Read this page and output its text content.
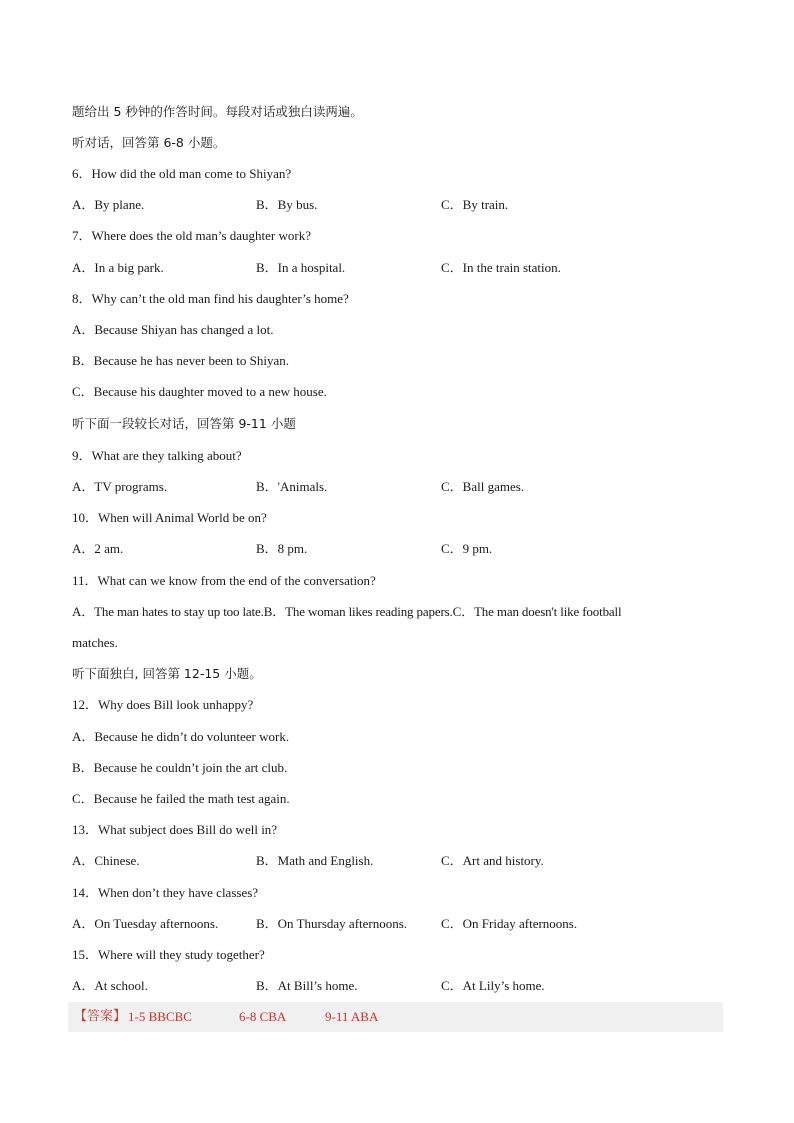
题给出 5 秒钟的作答时间。每段对话或独白读两遍。
听对话，回答第 6-8 小题。
6．How did the old man come to Shiyan?
A．By plane.	B．By bus.	C．By train.
7．Where does the old man’s daughter work?
A．In a big park.	B．In a hospital.	C．In the train station.
8．Why can’t the old man find his daughter’s home?
A．Because Shiyan has changed a lot.
B．Because he has never been to Shiyan.
C．Because his daughter moved to a new house.
听下面一段较长对话，回答第 9-11 小题
9．What are they talking about?
A．TV programs.	B．'Animals.	C．Ball games.
10．When will Animal World be on?
A．2 am.	B．8 pm.	C．9 pm.
11．What can we know from the end of the conversation?
A．The man hates to stay up too late.B．The woman likes reading papers.C．The man doesn't like football
matches.
听下面独白, 回答第 12-15 小题。
12．Why does Bill look unhappy?
A．Because he didn’t do volunteer work.
B．Because he couldn’t join the art club.
C．Because he failed the math test again.
13．What subject does Bill do well in?
A．Chinese.	B．Math and English.	C．Art and history.
14．When don’t they have classes?
A．On Tuesday afternoons.	B．On Thursday afternoons.	C．On Friday afternoons.
15．Where will they study together?
A．At school.	B．At Bill’s home.	C．At Lily’s home.
【答案】 1-5 BBCBC	6-8 CBA	9-11 ABA
